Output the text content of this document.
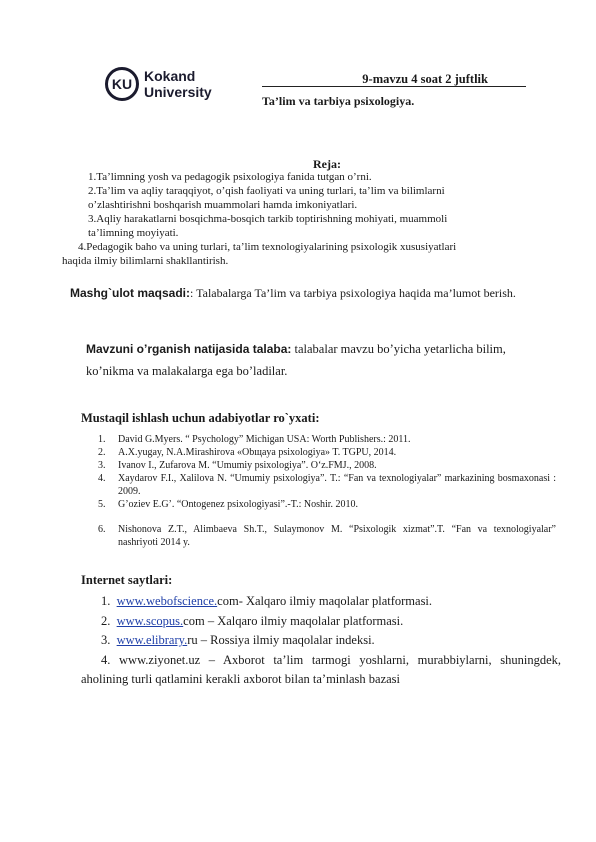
KU Kokand
University
9-mavzu 4 soat 2 juftlik
Ta’lim va tarbiya psixologiya.
Reja:
1.Ta’limning yosh va pedagogik psixologiya fanida tutgan o’rni.
2.Ta’lim va aqliy taraqqiyot, o’qish faoliyati va uning turlari, ta’lim va bilimlarni
o’zlashtirishni boshqarish muammolari hamda imkoniyatlari.
3.Aqliy harakatlarni bosqichma-bosqich tarkib toptirishning mohiyati, muammoli
ta’limning moyiyati.
4.Pedagogik baho va uning turlari, ta’lim texnologiyalarining psixologik xususiyatlari
haqida ilmiy bilimlarni shakllantirish.
Mashg`ulot maqsadi:: Talabalarga Ta’lim va tarbiya psixologiya haqida ma’lumot berish.
Mavzuni o’rganish natijasida talaba: talabalar mavzu bo’yicha yetarlicha bilim, ko’nikma va malakalarga ega bo’ladilar.
Mustaqil ishlash uchun adabiyotlar ro`yxati:
1. David G.Myers. “ Psychology” Michigan USA: Worth Publishers.: 2011.
2. A.X.yugay, N.A.Mirashirova «Obщaya psixologiya» T. TGPU, 2014.
3. Ivanov I., Zufarova M. “Umumiy psixologiya”. O‘z.FMJ., 2008.
4. Xaydarov F.I., Xalilova N. “Umumiy psixologiya”. T.: “Fan va texnologiyalar” markazining bosmaxonasi : 2009.
5. G’oziev E.G’. “Ontogenez psixologiyasi”.-T.: Noshir. 2010.
6. Nishonova Z.T., Alimbaeva Sh.T., Sulaymonov M. “Psixologik xizmat”.T. “Fan va texnologiyalar” nashriyoti 2014 y.
Internet saytlari:
1. www.webofscience.com- Xalqaro ilmiy maqolalar platformasi.
2. www.scopus.com – Xalqaro ilmiy maqolalar platformasi.
3. www.elibrary.ru – Rossiya ilmiy maqolalar indeksi.
4. www.ziyonet.uz – Axborot ta’lim tarmogi yoshlarni, murabbiylarni, shuningdek, aholining turli qatlamini kerakli axborot bilan ta’minlash bazasi
